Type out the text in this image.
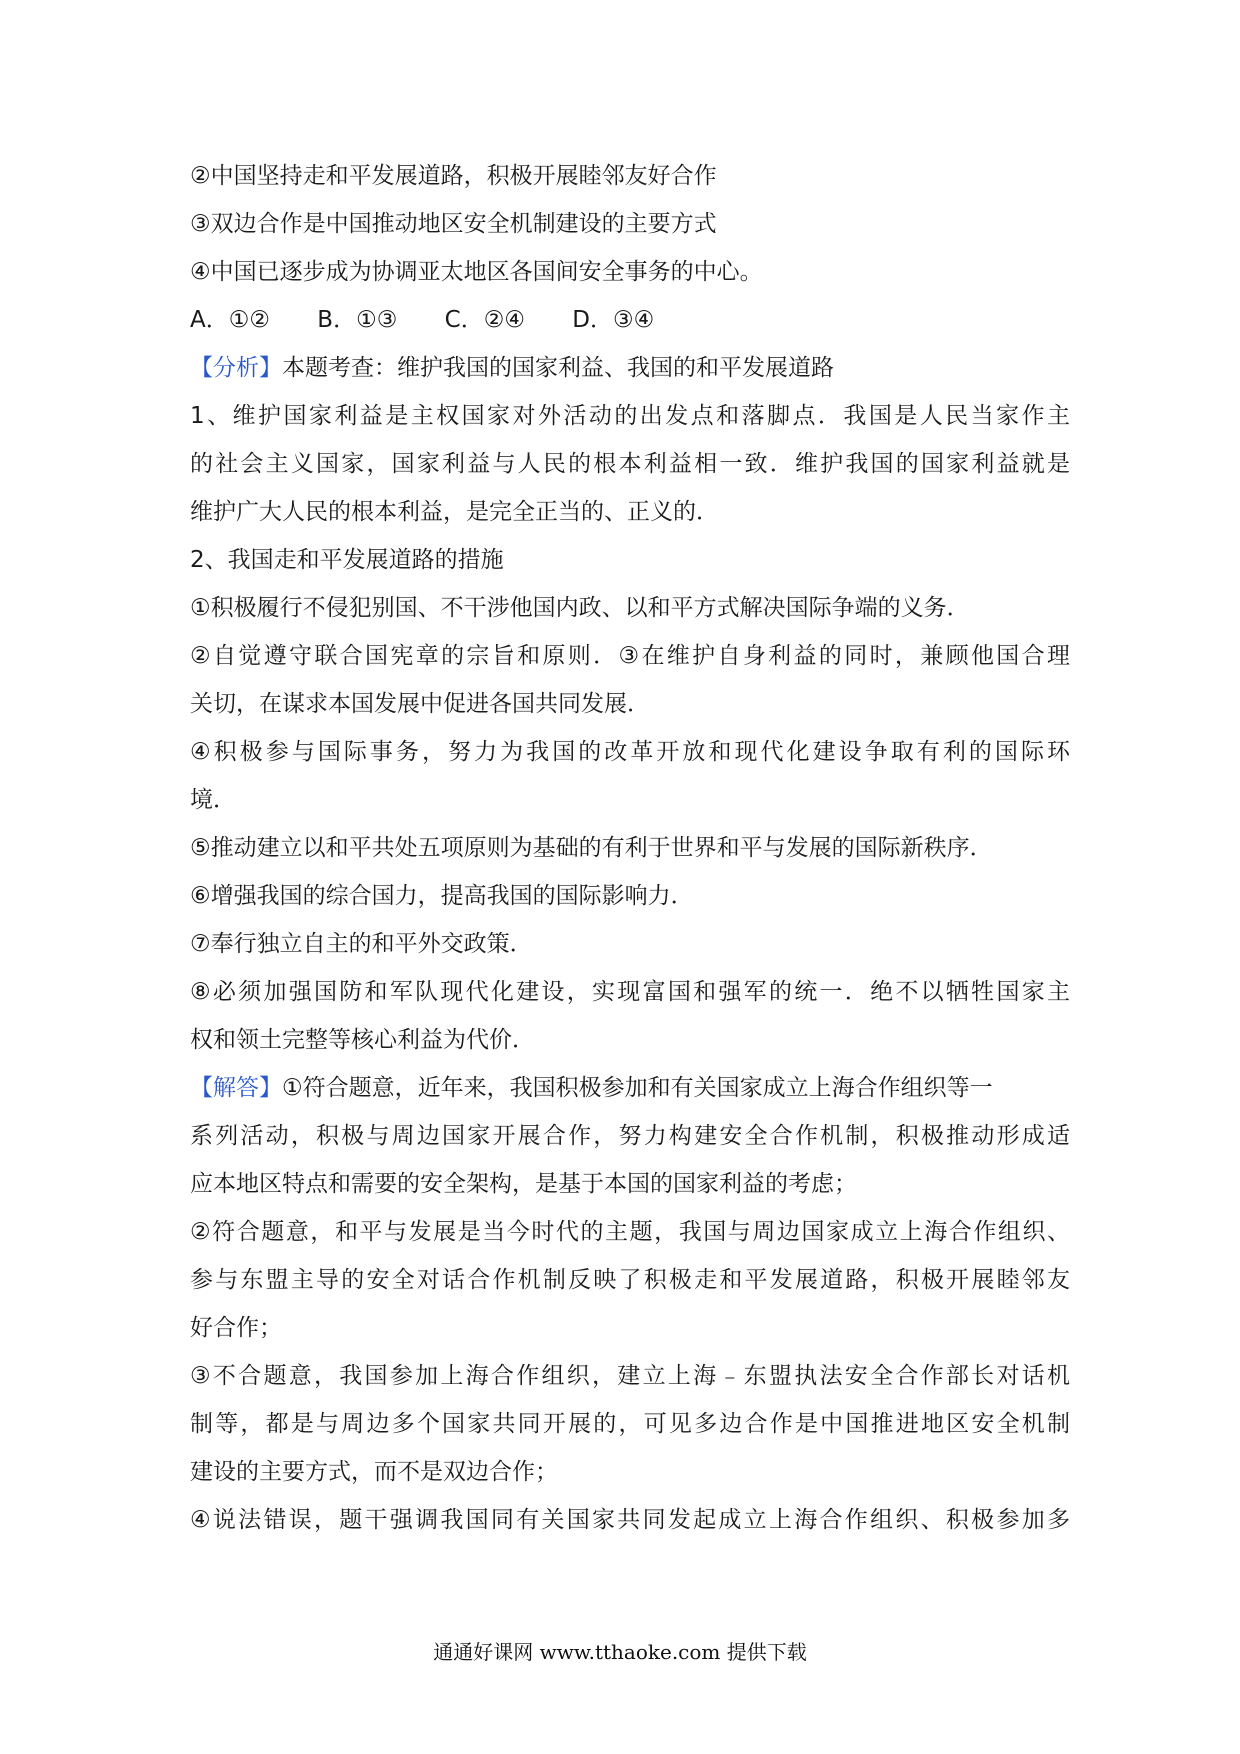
②中国坚持走和平发展道路，积极开展睦邻友好合作
③双边合作是中国推动地区安全机制建设的主要方式
④中国已逐步成为协调亚太地区各国间安全事务的中心。
A．①② B．①③ C．②④ D．③④
【分析】本题考查：维护我国的国家利益、我国的和平发展道路
1、维护国家利益是主权国家对外活动的出发点和落脚点．我国是人民当家作主
的社会主义国家，国家利益与人民的根本利益相一致．维护我国的国家利益就是
维护广大人民的根本利益，是完全正当的、正义的．
2、我国走和平发展道路的措施
①积极履行不侵犯别国、不干涉他国内政、以和平方式解决国际争端的义务．
②自觉遵守联合国宪章的宗旨和原则．③在维护自身利益的同时，兼顾他国合理
关切，在谋求本国发展中促进各国共同发展．
④积极参与国际事务，努力为我国的改革开放和现代化建设争取有利的国际环
境．
⑤推动建立以和平共处五项原则为基础的有利于世界和平与发展的国际新秩序．
⑥增强我国的综合国力，提高我国的国际影响力．
⑦奉行独立自主的和平外交政策．
⑧必须加强国防和军队现代化建设，实现富国和强军的统一．绝不以牺牲国家主
权和领土完整等核心利益为代价．
【解答】①符合题意，近年来，我国积极参加和有关国家成立上海合作组织等一
系列活动，积极与周边国家开展合作，努力构建安全合作机制，积极推动形成适
应本地区特点和需要的安全架构，是基于本国的国家利益的考虑；
②符合题意，和平与发展是当今时代的主题，我国与周边国家成立上海合作组织、
参与东盟主导的安全对话合作机制反映了积极走和平发展道路，积极开展睦邻友
好合作；
③不合题意，我国参加上海合作组织，建立上海﹣东盟执法安全合作部长对话机
制等，都是与周边多个国家共同开展的，可见多边合作是中国推进地区安全机制
建设的主要方式，而不是双边合作；
④说法错误，题干强调我国同有关国家共同发起成立上海合作组织、积极参加多
通通好课网 www.tthaoke.com 提供下载
